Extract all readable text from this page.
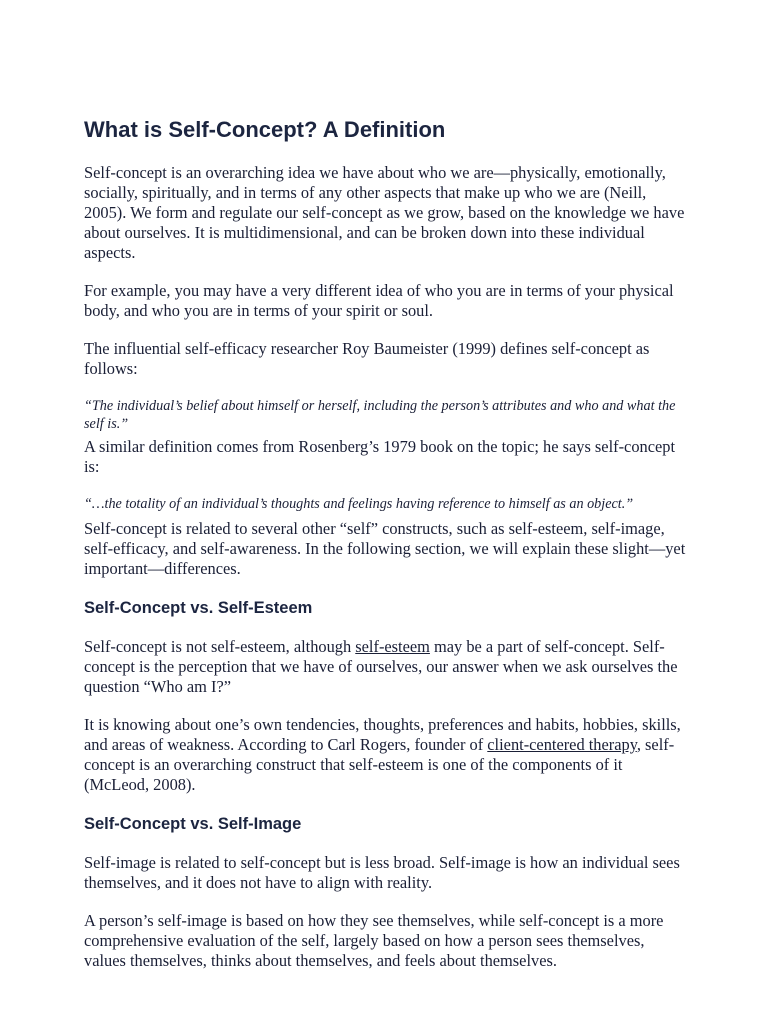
What is Self-Concept? A Definition

Self-concept is an overarching idea we have about who we are—physically, emotionally, socially, spiritually, and in terms of any other aspects that make up who we are (Neill, 2005). We form and regulate our self-concept as we grow, based on the knowledge we have about ourselves. It is multidimensional, and can be broken down into these individual aspects.

For example, you may have a very different idea of who you are in terms of your physical body, and who you are in terms of your spirit or soul.

The influential self-efficacy researcher Roy Baumeister (1999) defines self-concept as follows:

“The individual’s belief about himself or herself, including the person’s attributes and who and what the self is.”

A similar definition comes from Rosenberg’s 1979 book on the topic; he says self-concept is:

“…the totality of an individual’s thoughts and feelings having reference to himself as an object.”

Self-concept is related to several other “self” constructs, such as self-esteem, self-image, self-efficacy, and self-awareness. In the following section, we will explain these slight—yet important—differences.

Self-Concept vs. Self-Esteem

Self-concept is not self-esteem, although self-esteem may be a part of self-concept. Self-concept is the perception that we have of ourselves, our answer when we ask ourselves the question “Who am I?”

It is knowing about one’s own tendencies, thoughts, preferences and habits, hobbies, skills, and areas of weakness. According to Carl Rogers, founder of client-centered therapy, self-concept is an overarching construct that self-esteem is one of the components of it (McLeod, 2008).

Self-Concept vs. Self-Image

Self-image is related to self-concept but is less broad. Self-image is how an individual sees themselves, and it does not have to align with reality.

A person’s self-image is based on how they see themselves, while self-concept is a more comprehensive evaluation of the self, largely based on how a person sees themselves, values themselves, thinks about themselves, and feels about themselves.
